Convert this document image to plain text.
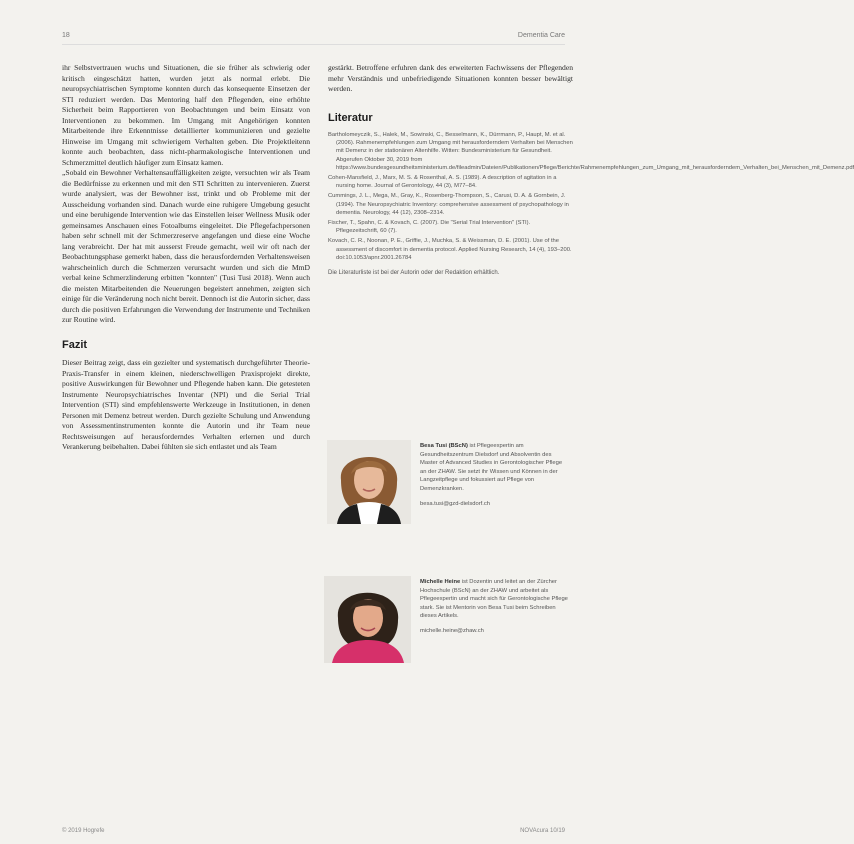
18	Dementia Care

ihr Selbstvertrauen wuchs und Situationen, die sie früher als schwierig oder kritisch eingeschätzt hatten, wurden jetzt als normal erlebt. Die neuropsychiatrischen Symptome konnten durch das konsequente Einsetzen der STI reduziert werden. Das Mentoring half den Pflegenden, eine erhöhte Sicherheit beim Rapportieren von Beobachtungen und beim Einsatz von Interventionen zu bekommen. Im Umgang mit Angehörigen konnten Mitarbeitende ihre Erkenntnisse detaillierter kommunizieren und gezielte Hinweise im Umgang mit schwierigem Verhalten geben. Die Projektleitenn konnte auch beobachten, dass nicht-pharmakologische Interventionen und Schmerzmittel deutlich häufiger zum Einsatz kamen.

„Sobald ein Bewohner Verhaltensauffälligkeiten zeigte, versuchten wir als Team die Bedürfnisse zu erkennen und mit den STI Schritten zu intervenieren. Zuerst wurde analysiert, was der Bewohner isst, trinkt und ob Probleme mit der Ausscheidung vorhanden sind. Danach wurde eine ruhigere Umgebung gesucht und eine beruhigende Intervention wie das Einstellen leiser Wellness Musik oder gemeinsames Anschauen eines Fotoalbums eingeleitet. Die Pflegefachpersonen haben sehr schnell mit der Schmerzreserve angefangen und diese eine Woche lang verabreicht. Der hat mit ausserst Freude gemacht, weil wir oft nach der Beobachtungsphase gemerkt haben, dass die herausfordernden Verhaltensweisen wahrscheinlich durch die Schmerzen verursacht wurden und sich die MmD verbal keine Schmerzlinderung erbitten "konnten" (Tusi Tusi 2018). Wenn auch die meisten Mitarbeitenden die Neuerungen begeistert annehmen, zeigten sich einige für die Veränderung noch nicht bereit. Dennoch ist die Autorin sicher, dass durch die positiven Erfahrungen die Verwendung der Instrumente und Techniken zur Routine wird.

Fazit

Dieser Beitrag zeigt, dass ein gezielter und systematisch durchgeführter Theorie-Praxis-Transfer in einem kleinen, niederschwelligen Praxisprojekt direkte, positive Auswirkungen für Bewohner und Pflegende haben kann. Die getesteten Instrumente Neuropsychiatrisches Inventar (NPI) und die Serial Trial Intervention (STI) sind empfehlenswerte Werkzeuge in Institutionen, in denen Personen mit Demenz betreut werden. Durch gezielte Schulung und Anwendung von Assessmentinstrumenten konnte die Autorin und ihr Team neue Rechtsweisungen auf herausforderndes Verhalten erlernen und durch Verankerung beibehalten. Dabei fühlten sie sich entlastet und als Team

gestärkt. Betroffene erfuhren dank des erweiterten Fachwissens der Pflegenden mehr Verständnis und unbefriedigende Situationen konnten besser bewältigt werden.

Literatur

Bartholomeyczik, S., Halek, M., Sowinski, C., Besselmann, K., Dürrmann, P., Haupt, M. et al. (2006). Rahmenempfehlungen zum Umgang mit herausforderndem Verhalten bei Menschen mit Demenz in der stationären Altenhilfe. Witten: Bundesministerium für Gesundheit. Abgerufen Oktober 30, 2019 from https://www.bundesgesundheitsministerium.de/fileadmin/Dateien/Publikationen/Pflege/Berichte/Rahmenempfehlungen_zum_Umgang_mit_herausforderndem_Verhalten_bei_Menschen_mit_Demenz.pdf

Cohen-Mansfield, J., Marx, M. S. & Rosenthal, A. S. (1989). A description of agitation in a nursing home. Journal of Gerontology, 44 (3), M77–84.

Cummings, J. L., Mega, M., Gray, K., Rosenberg-Thompson, S., Carusi, D. A. & Gornbein, J. (1994). The Neuropsychiatric Inventory: comprehensive assessment of psychopathology in dementia. Neurology, 44 (12), 2308–2314.

Fischer, T., Spahn, C. & Kovach, C. (2007). Die "Serial Trial Intervention" (STI). Pflegezeitschrift, 60 (7).

Kovach, C. R., Noonan, P. E., Griffie, J., Muchka, S. & Weissman, D. E. (2001). Use of the assessment of discomfort in dementia protocol. Applied Nursing Research, 14 (4), 193–200. doi:10.1053/apnr.2001.26784

Die Literaturliste ist bei der Autorin oder der Redaktion erhältlich.
Besa Tusi (BScN) ist Pflegeexpertin am Gesundheitszentrum Dielsdorf und Absolventin des Master of Advanced Studies in Gerontologischer Pflege an der ZHAW. Sie setzt ihr Wissen und Können in der Langzeitpflege und fokussiert auf Pflege von Demenzkranken.
besa.tusi@gzd-dielsdorf.ch
Michelle Heine ist Dozentin und leitet an der Zürcher Hochschule (BScN) an der ZHAW und arbeitet als Pflegeexpertin und macht sich für Gerontologische Pflege stark. Sie ist Mentorin von Besa Tusi beim Schreiben dieses Artikels.
michelle.heine@zhaw.ch
© 2019 Hogrefe	NOVAcura 10/19
